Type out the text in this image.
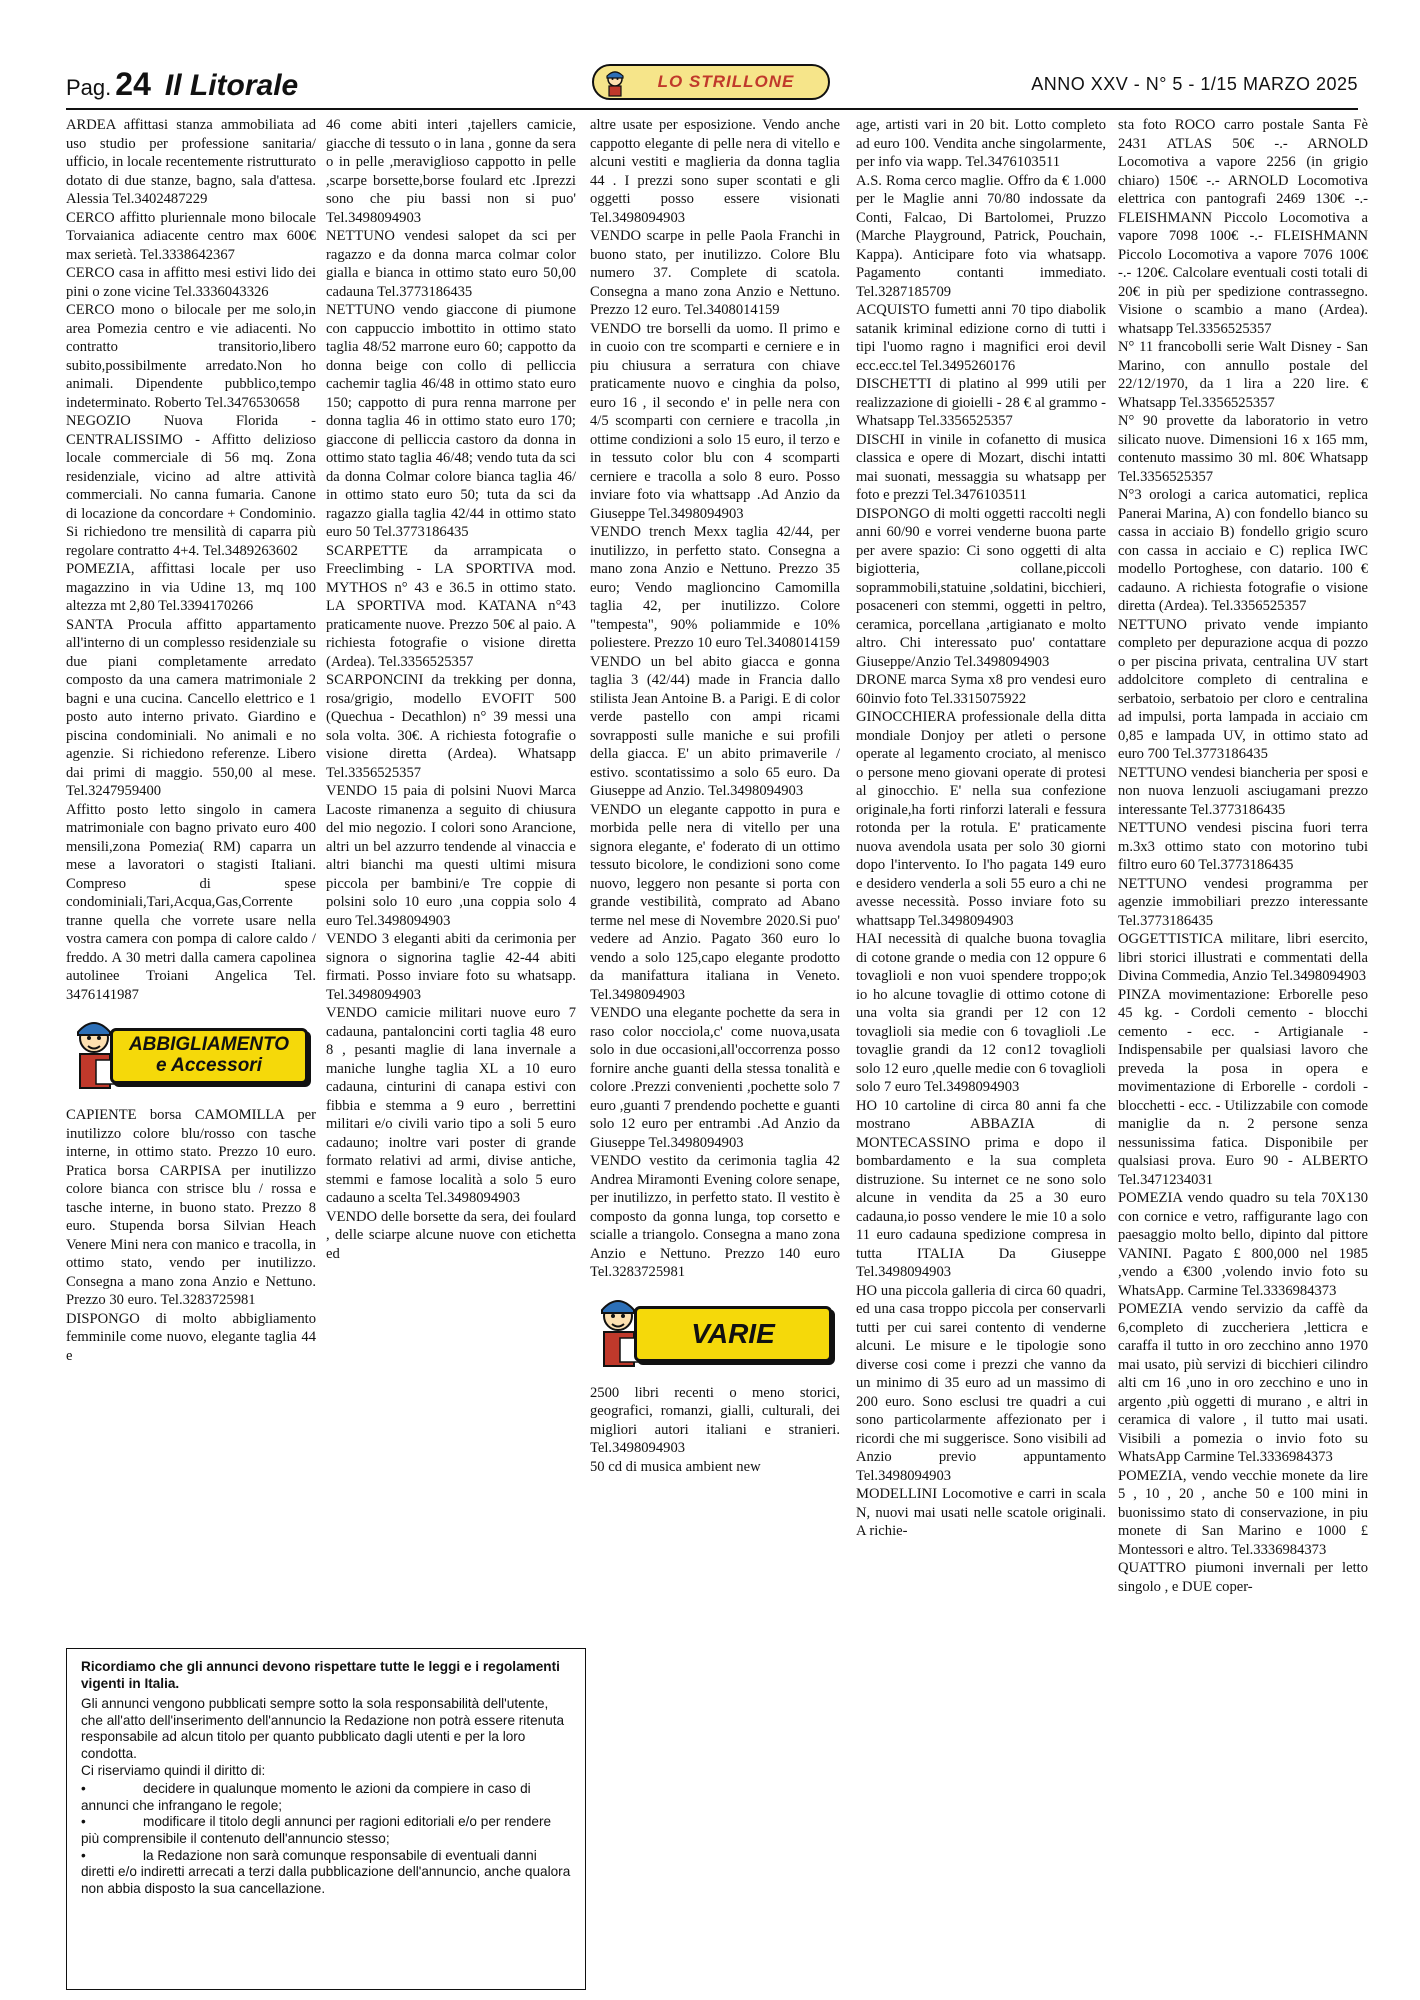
Pag. 24 Il Litorale	LO STRILLONE	ANNO XXV - N° 5 - 1/15 MARZO 2025

ARDEA affittasi stanza ammobiliata ad uso studio per professione sanitaria/ ufficio, in locale recentemente ristrutturato dotato di due stanze, bagno, sala d'attesa. Alessia Tel.3402487229

CERCO affitto pluriennale mono bilocale Torvaianica adiacente centro max 600€ max serietà. Tel.3338642367

CERCO casa in affitto mesi estivi lido dei pini o zone vicine Tel.3336043326

CERCO mono o bilocale per me solo,in area Pomezia centro e vie adiacenti. No contratto transitorio,libero subito,possibilmente arredato.Non ho animali. Dipendente pubblico,tempo indeterminato. Roberto Tel.3476530658

NEGOZIO Nuova Florida - CENTRALISSIMO - Affitto delizioso locale commerciale di 56 mq. Zona residenziale, vicino ad altre attività commerciali. No canna fumaria. Canone di locazione da concordare + Condominio. Si richiedono tre mensilità di caparra più regolare contratto 4+4. Tel.3489263602

POMEZIA, affittasi locale per uso magazzino in via Udine 13, mq 100 altezza mt 2,80 Tel.3394170266

SANTA Procula affitto appartamento all'interno di un complesso residenziale su due piani completamente arredato composto da una camera matrimoniale 2 bagni e una cucina. Cancello elettrico e 1 posto auto interno privato. Giardino e piscina condominiali. No animali e no agenzie. Si richiedono referenze. Libero dai primi di maggio. 550,00 al mese. Tel.3247959400

Affitto posto letto singolo in camera matrimoniale con bagno privato euro 400 mensili,zona Pomezia( RM) caparra un mese a lavoratori o stagisti Italiani. Compreso di spese condominiali,Tari,Acqua,Gas,Corrente tranne quella che vorrete usare nella vostra camera con pompa di calore caldo / freddo. A 30 metri dalla camera capolinea autolinee Troiani Angelica Tel. 3476141987

ABBIGLIAMENTO
e Accessori

CAPIENTE borsa CAMOMILLA per inutilizzo colore blu/rosso con tasche interne, in ottimo stato. Prezzo 10 euro. Pratica borsa CARPISA per inutilizzo colore bianca con strisce blu / rossa e tasche interne, in buono stato. Prezzo 8 euro. Stupenda borsa Silvian Heach Venere Mini nera con manico e tracolla, in ottimo stato, vendo per inutilizzo. Consegna a mano zona Anzio e Nettuno. Prezzo 30 euro. Tel.3283725981

DISPONGO di molto abbigliamento femminile come nuovo, elegante taglia 44 e

46 come abiti interi ,tajellers camicie, giacche di tessuto o in lana , gonne da sera o in pelle ,meraviglioso cappotto in pelle ,scarpe borsette,borse foulard etc .Iprezzi sono che piu bassi non si puo' Tel.3498094903

NETTUNO vendesi salopet da sci per ragazzo e da donna marca colmar color gialla e bianca in ottimo stato euro 50,00 cadauna Tel.3773186435

NETTUNO vendo giaccone di piumone con cappuccio imbottito in ottimo stato taglia 48/52 marrone euro 60; cappotto da donna beige con collo di pelliccia cachemir taglia 46/48 in ottimo stato euro 150; cappotto di pura renna marrone per donna taglia 46 in ottimo stato euro 170; giaccone di pelliccia castoro da donna in ottimo stato taglia 46/48; vendo tuta da sci da donna Colmar colore bianca taglia 46/ in ottimo stato euro 50; tuta da sci da ragazzo gialla taglia 42/44 in ottimo stato euro 50 Tel.3773186435

SCARPETTE da arrampicata o Freeclimbing - LA SPORTIVA mod. MYTHOS n° 43 e 36.5 in ottimo stato. LA SPORTIVA mod. KATANA n°43 praticamente nuove. Prezzo 50€ al paio. A richiesta fotografie o visione diretta (Ardea). Tel.3356525357

SCARPONCINI da trekking per donna, rosa/grigio, modello EVOFIT 500 (Quechua - Decathlon) n° 39 messi una sola volta. 30€. A richiesta fotografie o visione diretta (Ardea). Whatsapp Tel.3356525357

VENDO 15 paia di polsini Nuovi Marca Lacoste rimanenza a seguito di chiusura del mio negozio. I colori sono Arancione, altri un bel azzurro tendende al vinaccia e altri bianchi ma questi ultimi misura piccola per bambini/e Tre coppie di polsini solo 10 euro ,una coppia solo 4 euro Tel.3498094903

VENDO 3 eleganti abiti da cerimonia per signora o signorina taglie 42-44 abiti firmati. Posso inviare foto su whatsapp. Tel.3498094903

VENDO camicie militari nuove euro 7 cadauna, pantaloncini corti taglia 48 euro 8 , pesanti maglie di lana invernale a maniche lunghe taglia XL a 10 euro cadauna, cinturini di canapa estivi con fibbia e stemma a 9 euro , berrettini militari e/o civili vario tipo a soli 5 euro cadauno; inoltre vari poster di grande formato relativi ad armi, divise antiche, stemmi e famose località a solo 5 euro cadauno a scelta Tel.3498094903

VENDO delle borsette da sera, dei foulard , delle sciarpe alcune nuove con etichetta ed

altre usate per esposizione. Vendo anche cappotto elegante di pelle nera di vitello e alcuni vestiti e maglieria da donna taglia 44 . I prezzi sono super scontati e gli oggetti posso essere visionati Tel.3498094903

VENDO scarpe in pelle Paola Franchi in buono stato, per inutilizzo. Colore Blu numero 37. Complete di scatola. Consegna a mano zona Anzio e Nettuno. Prezzo 12 euro. Tel.3408014159

VENDO tre borselli da uomo. Il primo e in cuoio con tre scomparti e cerniere e in piu chiusura a serratura con chiave praticamente nuovo e cinghia da polso, euro 16 , il secondo e' in pelle nera con 4/5 scomparti con cerniere e tracolla ,in ottime condizioni a solo 15 euro, il terzo e in tessuto color blu con 4 scomparti cerniere e tracolla a solo 8 euro. Posso inviare foto via whattsapp .Ad Anzio da Giuseppe Tel.3498094903

VENDO trench Mexx taglia 42/44, per inutilizzo, in perfetto stato. Consegna a mano zona Anzio e Nettuno. Prezzo 35 euro; Vendo maglioncino Camomilla taglia 42, per inutilizzo. Colore "tempesta", 90% poliammide e 10% poliestere. Prezzo 10 euro Tel.3408014159

VENDO un bel abito giacca e gonna taglia 3 (42/44) made in Francia dallo stilista Jean Antoine B. a Parigi. E di color verde pastello con ampi ricami sovrapposti sulle maniche e sui profili della giacca. E' un abito primaverile / estivo. scontatissimo a solo 65 euro. Da Giuseppe ad Anzio. Tel.3498094903

VENDO un elegante cappotto in pura e morbida pelle nera di vitello per una signora elegante, e' foderato di un ottimo tessuto bicolore, le condizioni sono come nuovo, leggero non pesante si porta con grande vestibilità, comprato ad Abano terme nel mese di Novembre 2020.Si puo' vedere ad Anzio. Pagato 360 euro lo vendo a solo 125,capo elegante prodotto da manifattura italiana in Veneto. Tel.3498094903

VENDO una elegante pochette da sera in raso color nocciola,c' come nuova,usata solo in due occasioni,all'occorrenza posso fornire anche guanti della stessa tonalità e colore .Prezzi convenienti ,pochette solo 7 euro ,guanti 7 prendendo pochette e guanti solo 12 euro per entrambi .Ad Anzio da Giuseppe Tel.3498094903

VENDO vestito da cerimonia taglia 42 Andrea Miramonti Evening colore senape, per inutilizzo, in perfetto stato. Il vestito è composto da gonna lunga, top corsetto e scialle a triangolo. Consegna a mano zona Anzio e Nettuno. Prezzo 140 euro Tel.3283725981

VARIE

2500 libri recenti o meno storici, geografici, romanzi, gialli, culturali, dei migliori autori italiani e stranieri. Tel.3498094903

50 cd di musica ambient new

age, artisti vari in 20 bit. Lotto completo ad euro 100. Vendita anche singolarmente, per info via wapp. Tel.3476103511

A.S. Roma cerco maglie. Offro da € 1.000 per le Maglie anni 70/80 indossate da Conti, Falcao, Di Bartolomei, Pruzzo (Marche Playground, Patrick, Pouchain, Kappa). Anticipare foto via whatsapp. Pagamento contanti immediato. Tel.3287185709

ACQUISTO fumetti anni 70 tipo diabolik satanik kriminal edizione corno di tutti i tipi l'uomo ragno i magnifici eroi devil ecc.ecc.tel Tel.3495260176

DISCHETTI di platino al 999 utili per realizzazione di gioielli - 28 € al grammo - Whatsapp Tel.3356525357

DISCHI in vinile in cofanetto di musica classica e opere di Mozart, dischi intatti mai suonati, messaggia su whatsapp per foto e prezzi Tel.3476103511

DISPONGO di molti oggetti raccolti negli anni 60/90 e vorrei venderne buona parte per avere spazio: Ci sono oggetti di alta bigiotteria, collane,piccoli soprammobili,statuine ,soldatini, bicchieri, posaceneri con stemmi, oggetti in peltro, ceramica, porcellana ,artigianato e molto altro. Chi interessato puo' contattare Giuseppe/Anzio Tel.3498094903

DRONE marca Syma x8 pro vendesi euro 60invio foto Tel.3315075922

GINOCCHIERA professionale della ditta mondiale Donjoy per atleti o persone operate al legamento crociato, al menisco o persone meno giovani operate di protesi al ginocchio. E' nella sua confezione originale,ha forti rinforzi laterali e fessura rotonda per la rotula. E' praticamente nuova avendola usata per solo 30 giorni dopo l'intervento. Io l'ho pagata 149 euro e desidero venderla a soli 55 euro a chi ne avesse necessità. Posso inviare foto su whattsapp Tel.3498094903

HAI necessità di qualche buona tovaglia di cotone grande o media con 12 oppure 6 tovaglioli e non vuoi spendere troppo;ok io ho alcune tovaglie di ottimo cotone di una volta sia grandi per 12 con 12 tovaglioli sia medie con 6 tovaglioli .Le tovaglie grandi da 12 con12 tovaglioli solo 12 euro ,quelle medie con 6 tovaglioli solo 7 euro Tel.3498094903

HO 10 cartoline di circa 80 anni fa che mostrano ABBAZIA di MONTECASSINO prima e dopo il bombardamento e la sua completa distruzione. Su internet ce ne sono solo alcune in vendita da 25 a 30 euro cadauna,io posso vendere le mie 10 a solo 11 euro cadauna spedizione compresa in tutta ITALIA Da Giuseppe Tel.3498094903

HO una piccola galleria di circa 60 quadri, ed una casa troppo piccola per conservarli tutti per cui sarei contento di venderne alcuni. Le misure e le tipologie sono diverse cosi come i prezzi che vanno da un minimo di 35 euro ad un massimo di 200 euro. Sono esclusi tre quadri a cui sono particolarmente affezionato per i ricordi che mi suggerisce. Sono visibili ad Anzio previo appuntamento Tel.3498094903

MODELLINI Locomotive e carri in scala N, nuovi mai usati nelle scatole originali. A richie-

sta foto ROCO carro postale Santa Fè 2431 ATLAS 50€ -.- ARNOLD Locomotiva a vapore 2256 (in grigio chiaro) 150€ -.- ARNOLD Locomotiva elettrica con pantografi 2469 130€ -.- FLEISHMANN Piccolo Locomotiva a vapore 7098 100€ -.- FLEISHMANN Piccolo Locomotiva a vapore 7076 100€ -.- 120€. Calcolare eventuali costi totali di 20€ in più per spedizione contrassegno. Visione o scambio a mano (Ardea). whatsapp Tel.3356525357

N° 11 francobolli serie Walt Disney - San Marino, con annullo postale del 22/12/1970, da 1 lira a 220 lire. € Whatsapp Tel.3356525357

N° 90 provette da laboratorio in vetro silicato nuove. Dimensioni 16 x 165 mm, contenuto massimo 30 ml. 80€ Whatsapp Tel.3356525357

N°3 orologi a carica automatici, replica Panerai Marina, A) con fondello bianco su cassa in acciaio B) fondello grigio scuro con cassa in acciaio e C) replica IWC modello Portoghese, con datario. 100 € cadauno. A richiesta fotografie o visione diretta (Ardea). Tel.3356525357

NETTUNO privato vende impianto completo per depurazione acqua di pozzo o per piscina privata, centralina UV start addolcitore completo di centralina e serbatoio, serbatoio per cloro e centralina ad impulsi, porta lampada in acciaio cm 0,85 e lampada UV, in ottimo stato ad euro 700 Tel.3773186435

NETTUNO vendesi biancheria per sposi e non nuova lenzuoli asciugamani prezzo interessante Tel.3773186435

NETTUNO vendesi piscina fuori terra m.3x3 ottimo stato con motorino tubi filtro euro 60 Tel.3773186435

NETTUNO vendesi programma per agenzie immobiliari prezzo interessante Tel.3773186435

OGGETTISTICA militare, libri esercito, libri storici illustrati e commentati della Divina Commedia, Anzio Tel.3498094903

PINZA movimentazione: Erborelle peso 45 kg. - Cordoli cemento - blocchi cemento - ecc. - Artigianale - Indispensabile per qualsiasi lavoro che preveda la posa in opera e movimentazione di Erborelle - cordoli -blocchetti - ecc. - Utilizzabile con comode maniglie da n. 2 persone senza nessunissima fatica. Disponibile per qualsiasi prova. Euro 90 - ALBERTO Tel.3471234031

POMEZIA vendo quadro su tela 70X130 con cornice e vetro, raffigurante lago con paesaggio molto bello, dipinto dal pittore VANINI. Pagato £ 800,000 nel 1985 ,vendo a €300 ,volendo invio foto su WhatsApp. Carmine Tel.3336984373

POMEZIA vendo servizio da caffè da 6,completo di zuccheriera ,letticra e caraffa il tutto in oro zecchino anno 1970 mai usato, più servizi di bicchieri cilindro alti cm 16 ,uno in oro zecchino e uno in argento ,più oggetti di murano , e altri in ceramica di valore , il tutto mai usati. Visibili a pomezia o invio foto su WhatsApp Carmine Tel.3336984373

POMEZIA, vendo vecchie monete da lire 5 , 10 , 20 , anche 50 e 100 mini in buonissimo stato di conservazione, in piu monete di San Marino e 1000 £ Montessori e altro. Tel.3336984373

QUATTRO piumoni invernali per letto singolo , e DUE coper-

Ricordiamo che gli annunci devono rispettare tutte le leggi e i regolamenti vigenti in Italia.
Gli annunci vengono pubblicati sempre sotto la sola responsabilità dell'utente, che all'atto dell'inserimento dell'annuncio la Redazione non potrà essere ritenuta responsabile ad alcun titolo per quanto pubblicato dagli utenti e per la loro condotta.
Ci riserviamo quindi il diritto di:
•	decidere in qualunque momento le azioni da compiere in caso di annunci che infrangano le regole;
•	modificare il titolo degli annunci per ragioni editoriali e/o per rendere più comprensibile il contenuto dell'annuncio stesso;
•	la Redazione non sarà comunque responsabile di eventuali danni diretti e/o indiretti arrecati a terzi dalla pubblicazione dell'annuncio, anche qualora non abbia disposto la sua cancellazione.
